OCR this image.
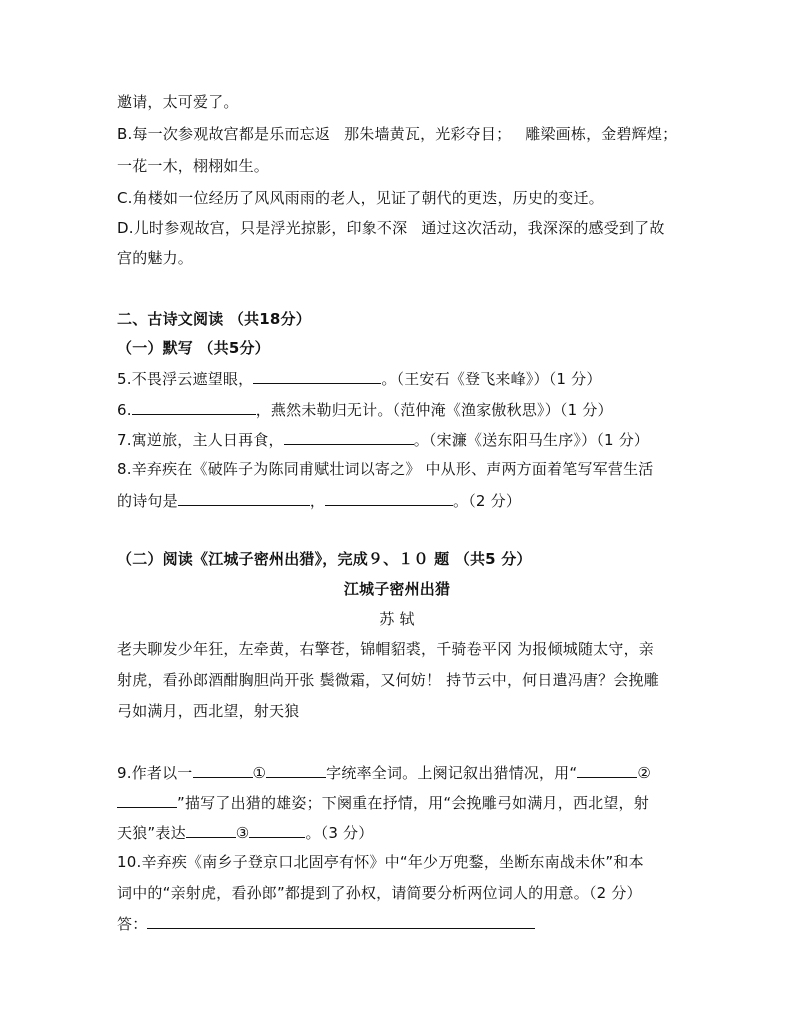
邀请，太可爱了。
B.每一次参观故宫都是乐而忘返 那朱墙黄瓦，光彩夺目； 雕梁画栋，金碧辉煌；
一花一木，栩栩如生。
C.角楼如一位经历了风风雨雨的老人，见证了朝代的更迭，历史的变迁。
D.儿时参观故宫，只是浮光掠影，印象不深 通过这次活动，我深深的感受到了故
宫的魅力。
二、古诗文阅读 （共18分）
（一）默写 （共5分）
5.不畏浮云遮望眼，	。（王安石《登飞来峰》）（1 分）
6.	，燕然未勒归无计。（范仲淹《渔家傲秋思》）（1 分）
7.寓逆旅，主人日再食，	。（宋濂《送东阳马生序》）（1 分）
8.辛弃疾在《破阵子为陈同甫赋壮词以寄之》 中从形、声两方面着笔写军营生活
的诗句是	，	。（2 分）
（二）阅读《江城子密州出猎》，完成９、１０ 题 （共5 分）
江城子密州出猎
苏 轼
老夫聊发少年狂，左牵黄，右擎苍，锦帽貂裘，千骑卷平冈 为报倾城随太守，亲
射虎，看孙郎酒酣胸胆尚开张 鬓微霜，又何妨！ 持节云中，何日遣冯唐？会挽雕
弓如满月，西北望，射天狼
9.作者以一	①	字统率全词。上阕记叙出猎情况，用“	②
”描写了出猎的雄姿；下阕重在抒情，用“会挽雕弓如满月，西北望，射
天狼”表达	③	。（3 分）
10.辛弃疾《南乡子登京口北固亭有怀》中“年少万兜鍪，坐断东南战未休”和本
词中的“亲射虎，看孙郎”都提到了孙权，请简要分析两位词人的用意。（2 分）
答：
